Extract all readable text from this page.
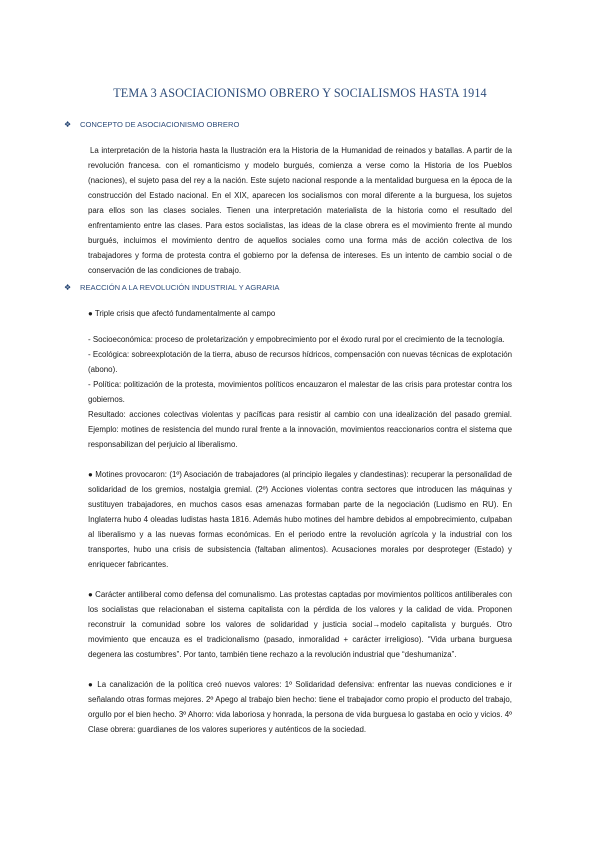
TEMA 3 ASOCIACIONISMO OBRERO Y SOCIALISMOS HASTA 1914
❖	CONCEPTO DE ASOCIACIONISMO OBRERO

La interpretación de la historia hasta la Ilustración era la Historia de la Humanidad de reinados y batallas. A partir de la revolución francesa. con el romanticismo y modelo burgués, comienza a verse como la Historia de los Pueblos (naciones), el sujeto pasa del rey a la nación. Este sujeto nacional responde a la mentalidad burguesa en la época de la construcción del Estado nacional. En el XIX, aparecen los socialismos con moral diferente a la burguesa, los sujetos para ellos son las clases sociales. Tienen una interpretación materialista de la historia como el resultado del enfrentamiento entre las clases. Para estos socialistas, las ideas de la clase obrera es el movimiento frente al mundo burgués, incluimos el movimiento dentro de aquellos sociales como una forma más de acción colectiva de los trabajadores y forma de protesta contra el gobierno por la defensa de intereses. Es un intento de cambio social o de conservación de las condiciones de trabajo.

❖	REACCIÓN A LA REVOLUCIÓN INDUSTRIAL Y AGRARIA

● Triple crisis que afectó fundamentalmente al campo

- Socioeconómica: proceso de proletarización y empobrecimiento por el éxodo rural por el crecimiento de la tecnología.

- Ecológica: sobreexplotación de la tierra, abuso de recursos hídricos, compensación con nuevas técnicas de explotación (abono).

- Política: politización de la protesta, movimientos políticos encauzaron el malestar de las crisis para protestar contra los gobiernos.

Resultado: acciones colectivas violentas y pacíficas para resistir al cambio con una idealización del pasado gremial. Ejemplo: motines de resistencia del mundo rural frente a la innovación, movimientos reaccionarios contra el sistema que responsabilizan del perjuicio al liberalismo.

● Motines provocaron: (1º) Asociación de trabajadores (al principio ilegales y clandestinas): recuperar la personalidad de solidaridad de los gremios, nostalgia gremial. (2º) Acciones violentas contra sectores que introducen las máquinas y sustituyen trabajadores, en muchos casos esas amenazas formaban parte de la negociación (Ludismo en RU). En Inglaterra hubo 4 oleadas ludistas hasta 1816. Además hubo motines del hambre debidos al empobrecimiento, culpaban al liberalismo y a las nuevas formas económicas. En el periodo entre la revolución agrícola y la industrial con los transportes, hubo una crisis de subsistencia (faltaban alimentos). Acusaciones morales por desproteger (Estado) y enriquecer fabricantes.

● Carácter antiliberal como defensa del comunalismo. Las protestas captadas por movimientos políticos antiliberales con los socialistas que relacionaban el sistema capitalista con la pérdida de los valores y la calidad de vida. Proponen reconstruir la comunidad sobre los valores de solidaridad y justicia social→modelo capitalista y burgués. Otro movimiento que encauza es el tradicionalismo (pasado, inmoralidad + carácter irreligioso). “Vida urbana burguesa degenera las costumbres”. Por tanto, también tiene rechazo a la revolución industrial que “deshumaniza”.

● La canalización de la política creó nuevos valores: 1º Solidaridad defensiva: enfrentar las nuevas condiciones e ir señalando otras formas mejores. 2º Apego al trabajo bien hecho: tiene el trabajador como propio el producto del trabajo, orgullo por el bien hecho. 3º Ahorro: vida laboriosa y honrada, la persona de vida burguesa lo gastaba en ocio y vicios. 4º Clase obrera: guardianes de los valores superiores y auténticos de la sociedad.
